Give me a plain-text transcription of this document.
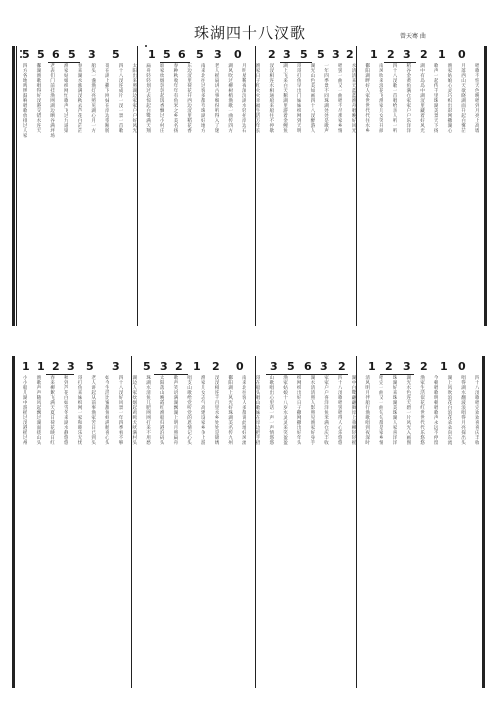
珠湖四十八汊歌	曾天骞 曲
5 5 6 5 3 5	1 5 6 5 3 0 2 3 5 5 3 2 1 2 3 2 1 0
四方各地鸣锣鼓响唱歌放排过人家 鄱湖渔歌唱得好汊港交错水连天 老表们门前挂渔网湖边晒谷满坪场 渔家姑娘织网忙歌声飞过九道梁 春来湖水涨满汊秋去芦花白茫茫 船头一盏渔灯亮照见湖心月一方 哥在湖上撒下网妹在岸边望断肠 四十八汊连成片一汊一景一首歌 太阳出来照湖边家家户户好风光 扁舟轻轻划过去惊起白鹭满天翔 谁家炊烟袅袅起饭香飘过小村庄 春种秋收年年有鱼米之乡美名扬 东边汊里荷花开西边汊里稻花香 南来北往过客多都夸珠湖好地方 老人摇扇讲古事细伢听得入了迷 湖风吹过柳树梢渔歌一曲传四方 月明星稀夜深沉湖水轻拍岸边石 渔家日子红火火幸福生活万年长 汊汊相连水相通船来船往不停歇 湖上飞来白天鹅湖里游着金鲤鱼 哥哥打鱼早出门妹妹织网到天明 湖光山色美如画四十八汊醉游人 一年四季景不同珠湖处处是歌声 唱罢一曲又一曲唱不尽那家乡情 水清清来天蓝蓝渔舟唱晚好风光 鄱阳湖畔好人家世世代代住水乡 南风吹来浪花飞渔家儿女笑开颜 四十八汊歌一首唱给亲人听一听 稻谷金黄鱼满仓家家户户乐洋洋 湖中有岛岛中湖汊里藏着好风光 歌声一起传千里珠湖美景天下扬 渔家姑娘心灵巧织出彩网撒湖心 月落西山天欲晓湖面升起白雾茫 唱歌不怕天色晚唱到月亮上高墙
1 1 2 3 5 3 5 3 2 1 2 0 3 5 6 3 2 1 2 3 2 1 0
小小船儿湖中游摇过汊港摇过州 渔歌声声随风起飘过湖面绕山头 春来柳絮飞满天夏日荷花映日红 秋到芦花白如雪冬来湖水静悠悠 哥打鱼来妹织网一家和睦乐无忧 老人讲起从前事渔家苦日已到头 如今生活比蜜甜鱼虾满舱喜心头 四十八汊好风景一年四季看不够 湖边人家炊烟起鸡鸣犬吠满村头 珠湖水清鱼儿肥网网打来不用愁 太阳落山晚霞红渔船归港泊码头 歌声笑语满湖飘湖上明月照扁舟 唱支山歌给党听党的恩情记心头 渔家儿女志气高建设家乡争上游 汊汊相连千百里水乡处处是锦绣 鄱阳湖上风光好珠湖美名传九州 南来北往客人多都说此地好风流 哥在船头唱山歌妹在岸边把手招 山歌唱出心里话一声一声情悠悠 渔家姑娘十八岁水灵灵来笑盈盈 织网织出好日子撒网撒出好年头 湖水清清照人影照见渔家好身手 家家户户喜洋洋鱼米满仓庆丰收 四十八汊歌唱罢唱得人心乐悠悠 湖中白鹭翩翩舞岸上垂柳轻轻摇 清风明月伴船行渔歌唱到夜深时 唱完一曲又一曲句句都是家乡情 珠湖好来珠湖美珠湖人家喜洋洋 湖光水色连天碧一片风光入画图 渔家生活似花红世世代代乐悠悠 今朝唱歌明朝唱歌声永远不停留 湖上风吹浪花白浪花朵朵向东流 唱得湖水翻波浪唱得月亮探出头 四十八汊歌唱完欢欢喜喜庆丰收
